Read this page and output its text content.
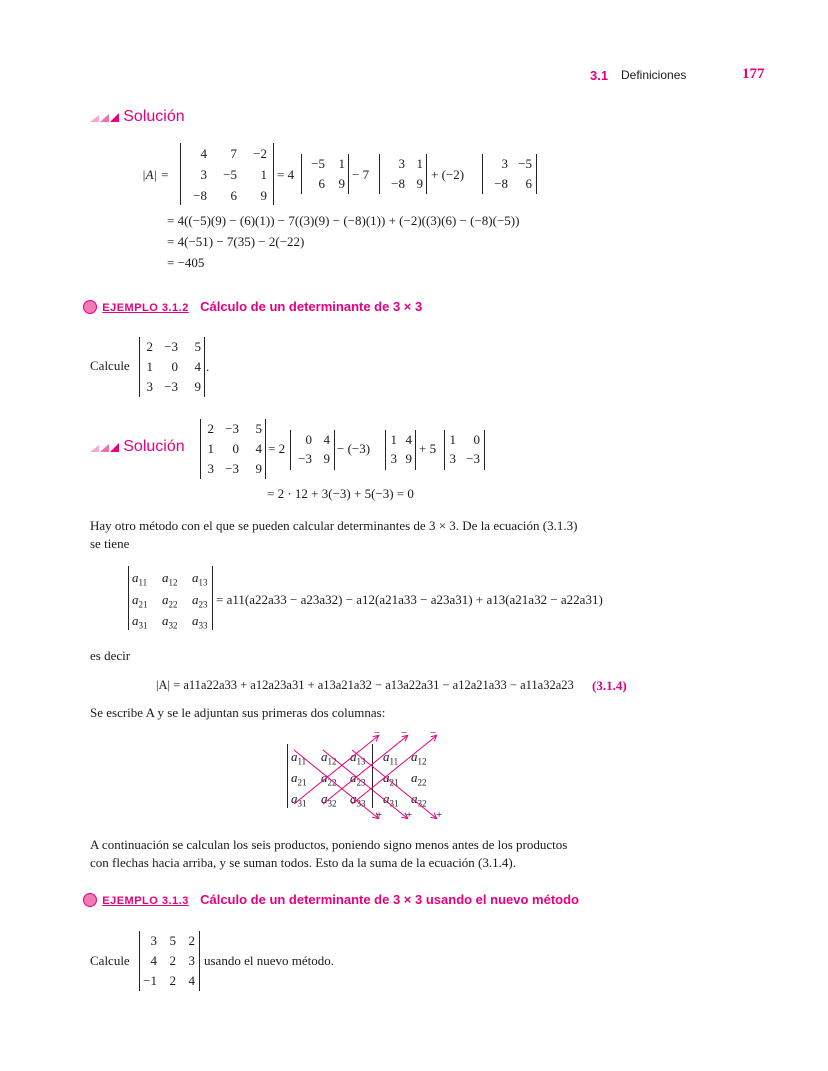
3.1 Definiciones	177
Solución
|A| =
4	7	−2
3	−5	1
−8	6	9
= 4
−5	1
6	9
− 7
3 1
−8 9
+ (−2)
3 −5
−8	6
= 4((−5)(9) − (6)(1)) − 7((3)(9) − (−8)(1)) + (−2)((3)(6) − (−8)(−5))
= 4(−51) − 7(35) − 2(−22)
= −405
EJEMPLO 3.1.2 Cálculo de un determinante de 3 × 3
Calcule
2 −3	5
1	0	4
3 −3	9
.
Solución
2 −3	5
1	0	4
3 −3	9
= 2
0 4
−3 9
− (−3)
1 4
3 9
+ 5
1	0
3 −3
= 2 · 12 + 3(−3) + 5(−3) = 0
Hay otro método con el que se pueden calcular determinantes de 3 × 3. De la ecuación (3.1.3)
se tiene
$a_{11}$ $a_{12}$ $a_{13}$
$a_{21}$ $a_{22}$ $a_{23}$
$a_{31}$ $a_{32}$ $a_{33}$
= a11(a22a33 − a23a32) − a12(a21a33 − a23a31) + a13(a21a32 − a22a31)
es decir
|A| = a11a22a33 + a12a23a31 + a13a21a32 − a13a22a31 − a12a21a33 − a11a32a23 (3.1.4)
Se escribe A y se le adjuntan sus primeras dos columnas:
$a_{11}$ $a_{12}$ $a_{13}$ $a_{11}$ $a_{12}$
$a_{21}$ $a_{22}$ $a_{23}$ $a_{21}$ $a_{22}$
$a_{31}$ $a_{32}$ $a_{33}$ $a_{31}$ $a_{32}$
− − −
+ + +
A continuación se calculan los seis productos, poniendo signo menos antes de los productos
con flechas hacia arriba, y se suman todos. Esto da la suma de la ecuación (3.1.4).
EJEMPLO 3.1.3 Cálculo de un determinante de 3 × 3 usando el nuevo método
Calcule
3 5 2
4 2 3
−1 2 4
usando el nuevo método.
